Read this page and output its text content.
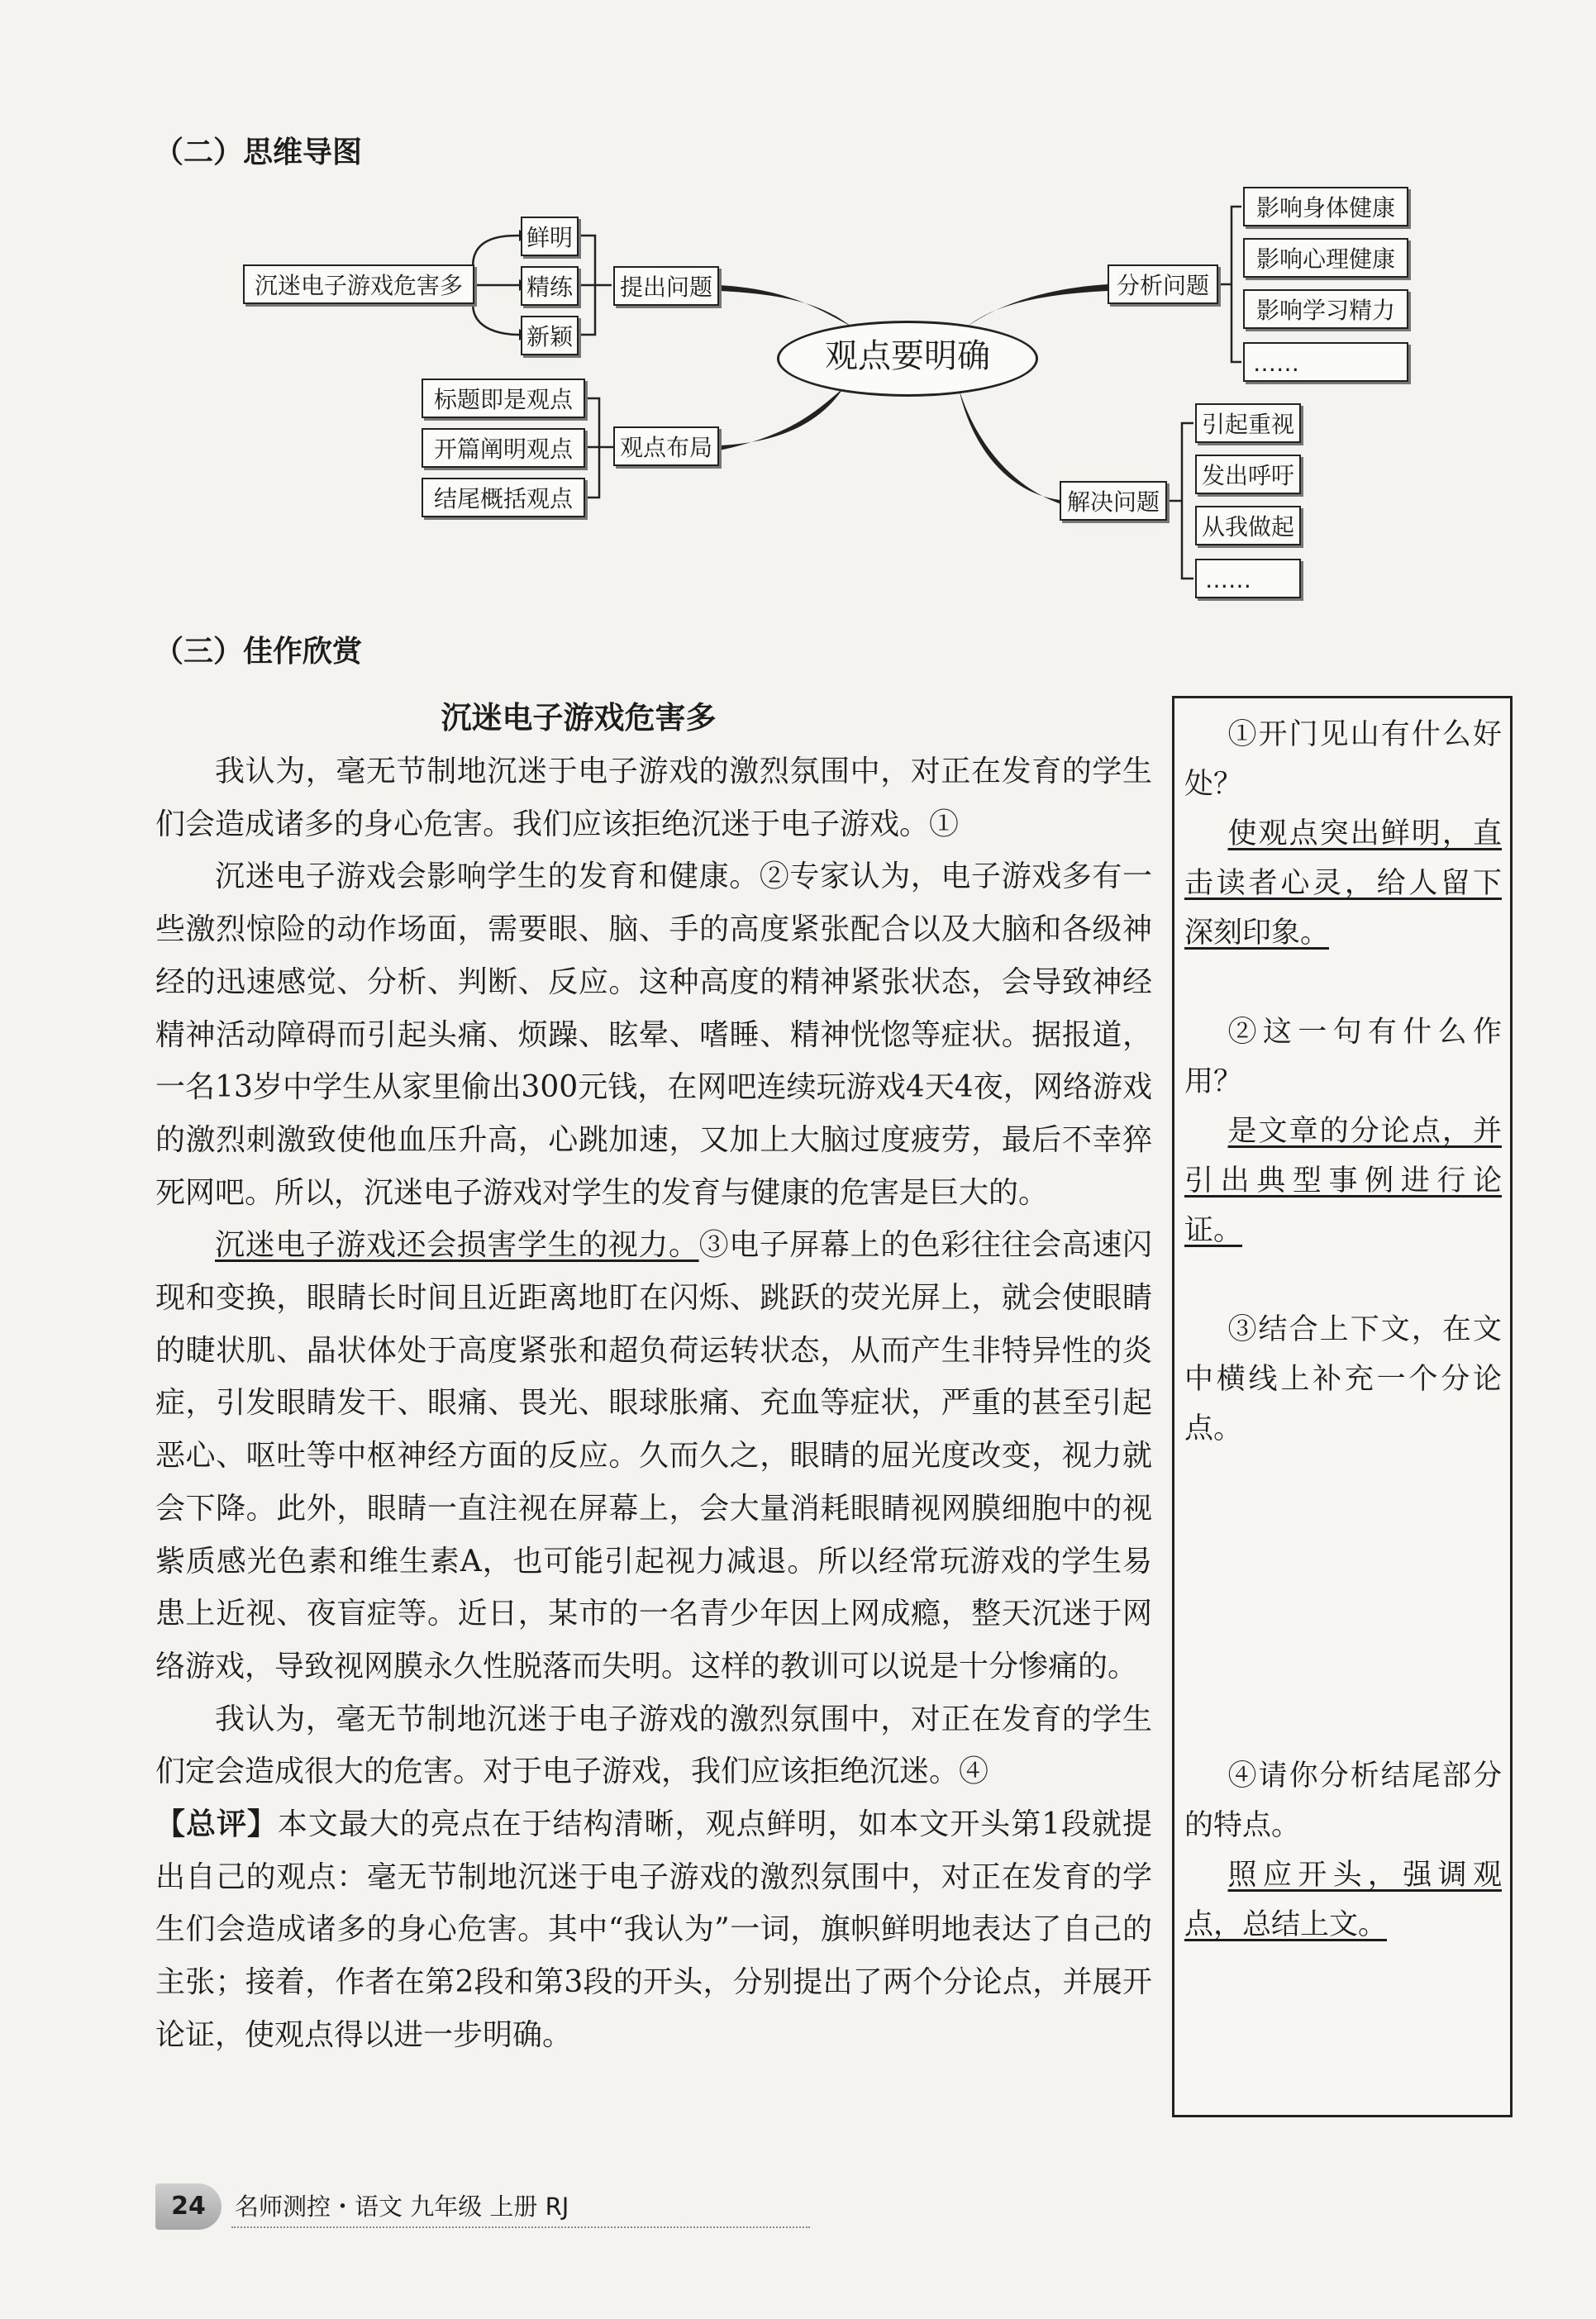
（二）思维导图
观点要明确
沉迷电子游戏危害多
鲜明
精练
新颖
提出问题
标题即是观点
开篇阐明观点
结尾概括观点
观点布局
分析问题
影响身体健康
影响心理健康
影响学习精力
……
解决问题
引起重视
发出呼吁
从我做起
……
（三）佳作欣赏
沉迷电子游戏危害多

我认为，毫无节制地沉迷于电子游戏的激烈氛围中，对正在发育的学生们会造成诸多的身心危害。我们应该拒绝沉迷于电子游戏。①

沉迷电子游戏会影响学生的发育和健康。②专家认为，电子游戏多有一些激烈惊险的动作场面，需要眼、脑、手的高度紧张配合以及大脑和各级神经的迅速感觉、分析、判断、反应。这种高度的精神紧张状态，会导致神经精神活动障碍而引起头痛、烦躁、眩晕、嗜睡、精神恍惚等症状。据报道，一名13岁中学生从家里偷出300元钱，在网吧连续玩游戏4天4夜，网络游戏的激烈刺激致使他血压升高，心跳加速，又加上大脑过度疲劳，最后不幸猝死网吧。所以，沉迷电子游戏对学生的发育与健康的危害是巨大的。

沉迷电子游戏还会损害学生的视力。③电子屏幕上的色彩往往会高速闪现和变换，眼睛长时间且近距离地盯在闪烁、跳跃的荧光屏上，就会使眼睛的睫状肌、晶状体处于高度紧张和超负荷运转状态，从而产生非特异性的炎症，引发眼睛发干、眼痛、畏光、眼球胀痛、充血等症状，严重的甚至引起恶心、呕吐等中枢神经方面的反应。久而久之，眼睛的屈光度改变，视力就会下降。此外，眼睛一直注视在屏幕上，会大量消耗眼睛视网膜细胞中的视紫质感光色素和维生素A，也可能引起视力减退。所以经常玩游戏的学生易患上近视、夜盲症等。近日，某市的一名青少年因上网成瘾，整天沉迷于网络游戏，导致视网膜永久性脱落而失明。这样的教训可以说是十分惨痛的。

我认为，毫无节制地沉迷于电子游戏的激烈氛围中，对正在发育的学生们定会造成很大的危害。对于电子游戏，我们应该拒绝沉迷。④

【总评】本文最大的亮点在于结构清晰，观点鲜明，如本文开头第1段就提出自己的观点：毫无节制地沉迷于电子游戏的激烈氛围中，对正在发育的学生们会造成诸多的身心危害。其中“我认为”一词，旗帜鲜明地表达了自己的主张；接着，作者在第2段和第3段的开头，分别提出了两个分论点，并展开论证，使观点得以进一步明确。

①开门见山有什么好处？
使观点突出鲜明，直击读者心灵，给人留下深刻印象。
②这一句有什么作用？
是文章的分论点，并引出典型事例进行论证。
③结合上下文，在文中横线上补充一个分论点。
④请你分析结尾部分的特点。
照应开头，强调观点，总结上文。
24	名师测控・语文 九年级 上册 RJ
